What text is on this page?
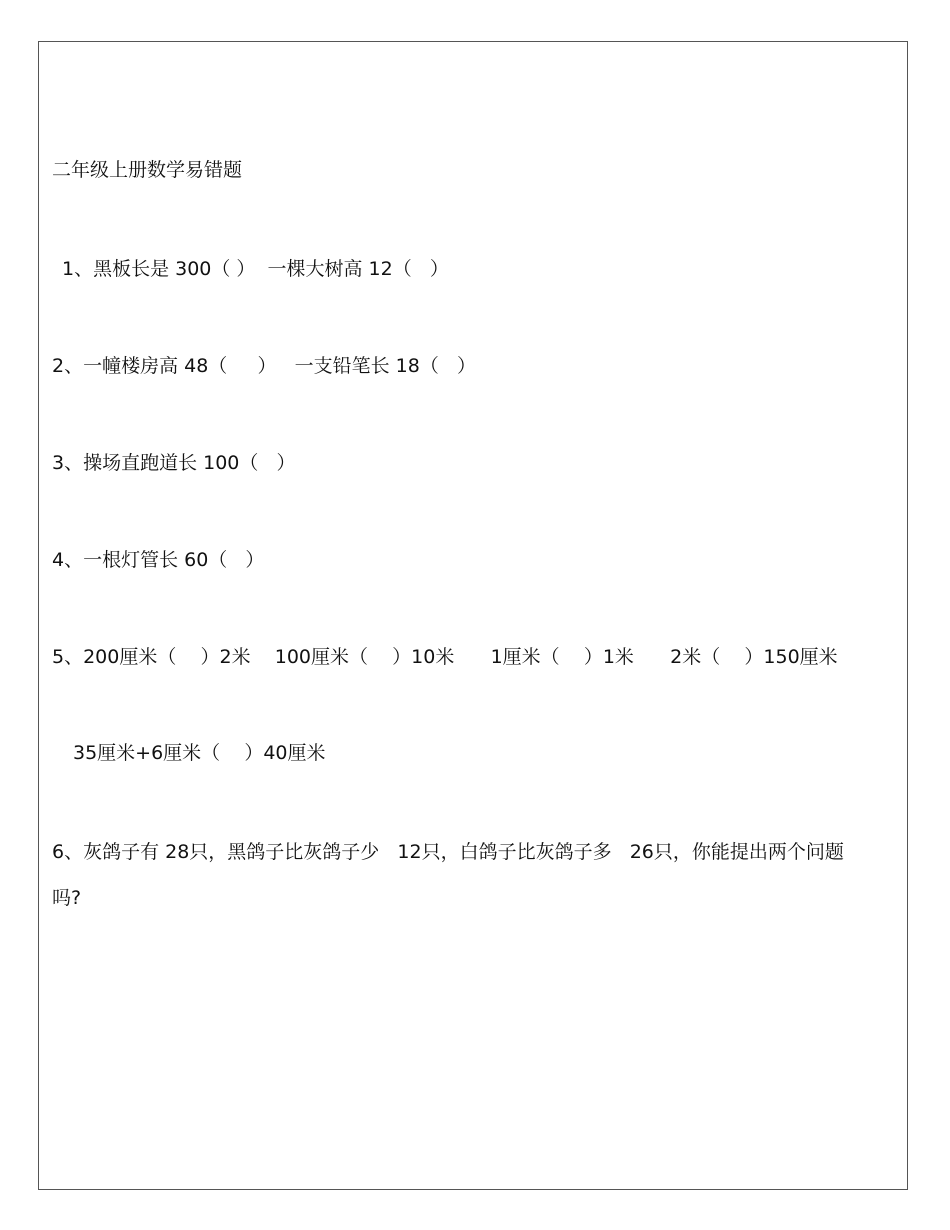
二年级上册数学易错题
1、黑板长是 300（ ）  一棵大树高 12（   ）
2、一幢楼房高 48（     ）   一支铅笔长 18（   ）
3、操场直跑道长 100（   ）
4、一根灯管长 60（   ）
5、200厘米（    ）2米    100厘米（    ）10米      1厘米（    ）1米      2米（    ）150厘米
35厘米+6厘米（    ）40厘米
6、灰鸽子有 28只，黑鸽子比灰鸽子少   12只，白鸽子比灰鸽子多   26只，你能提出两个问题
吗?
